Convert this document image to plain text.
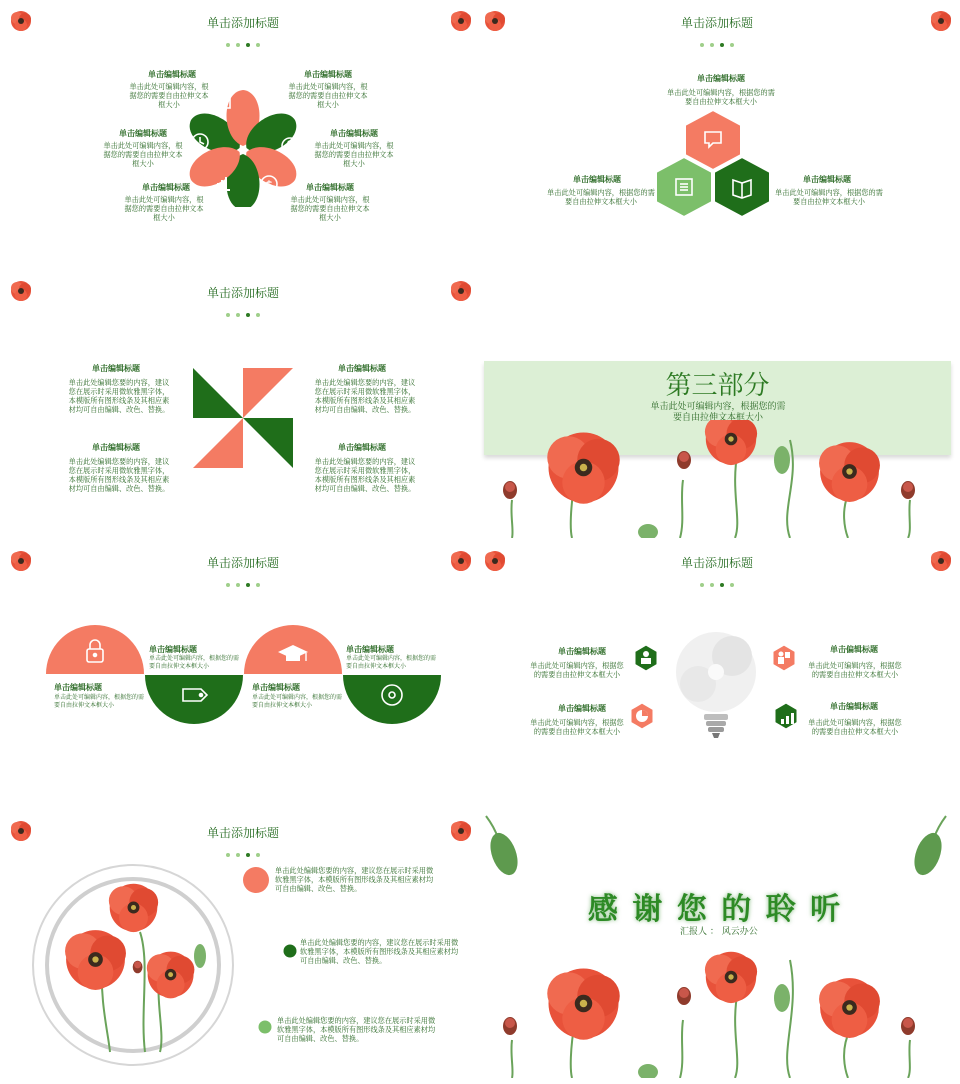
单击添加标题
$
单击编辑标题
单击此处可编辑内容，根据您的需要自由拉伸文本框大小
单击编辑标题
单击此处可编辑内容，根据您的需要自由拉伸文本框大小
单击编辑标题
单击此处可编辑内容，根据您的需要自由拉伸文本框大小
单击编辑标题
单击此处可编辑内容，根据您的需要自由拉伸文本框大小
单击编辑标题
单击此处可编辑内容，根据您的需要自由拉伸文本框大小
单击编辑标题
单击此处可编辑内容，根据您的需要自由拉伸文本框大小
单击添加标题
单击编辑标题
单击此处可编辑内容，根据您的需要自由拉伸文本框大小
单击编辑标题
单击此处可编辑内容，根据您的需要自由拉伸文本框大小
单击编辑标题
单击此处可编辑内容，根据您的需要自由拉伸文本框大小
单击添加标题
单击编辑标题
单击此处编辑您要的内容，建议您在展示时采用微软雅黑字体，本模版所有图形线条及其相应素材均可自由编辑、改色、替换。
单击编辑标题
单击此处编辑您要的内容，建议您在展示时采用微软雅黑字体，本模版所有图形线条及其相应素材均可自由编辑、改色、替换。
单击编辑标题
单击此处编辑您要的内容，建议您在展示时采用微软雅黑字体，本模版所有图形线条及其相应素材均可自由编辑、改色、替换。
单击编辑标题
单击此处编辑您要的内容，建议您在展示时采用微软雅黑字体，本模版所有图形线条及其相应素材均可自由编辑、改色、替换。
第三部分
单击此处可编辑内容，根据您的需要自由拉伸文本框大小
单击添加标题
单击编辑标题
单击此处可编辑内容，根据您的需要自由拉伸文本框大小
单击编辑标题
单击此处可编辑内容，根据您的需要自由拉伸文本框大小
单击编辑标题
单击此处可编辑内容，根据您的需要自由拉伸文本框大小
单击编辑标题
单击此处可编辑内容，根据您的需要自由拉伸文本框大小
单击添加标题
单击编辑标题
单击此处可编辑内容，根据您的需要自由拉伸文本框大小
单击编辑标题
单击此处可编辑内容，根据您的需要自由拉伸文本框大小
单击偏辑标题
单击此处可编辑内容，根据您的需要自由拉伸文本框大小
单击编辑标题
单击此处可编辑内容，根据您的需要自由拉伸文本框大小
单击添加标题
单击此处编辑您要的内容，建议您在展示时采用微软雅黑字体，本模版所有图形线条及其相应素材均可自由编辑、改色、替换。
单击此处编辑您要的内容，建议您在展示时采用微软雅黑字体，本模版所有图形线条及其相应素材均可自由编辑、改色、替换。
单击此处编辑您要的内容，建议您在展示时采用微软雅黑字体，本模版所有图形线条及其相应素材均可自由编辑、改色、替换。
感 谢 您 的 聆 听
汇报人 ： 风云办公
